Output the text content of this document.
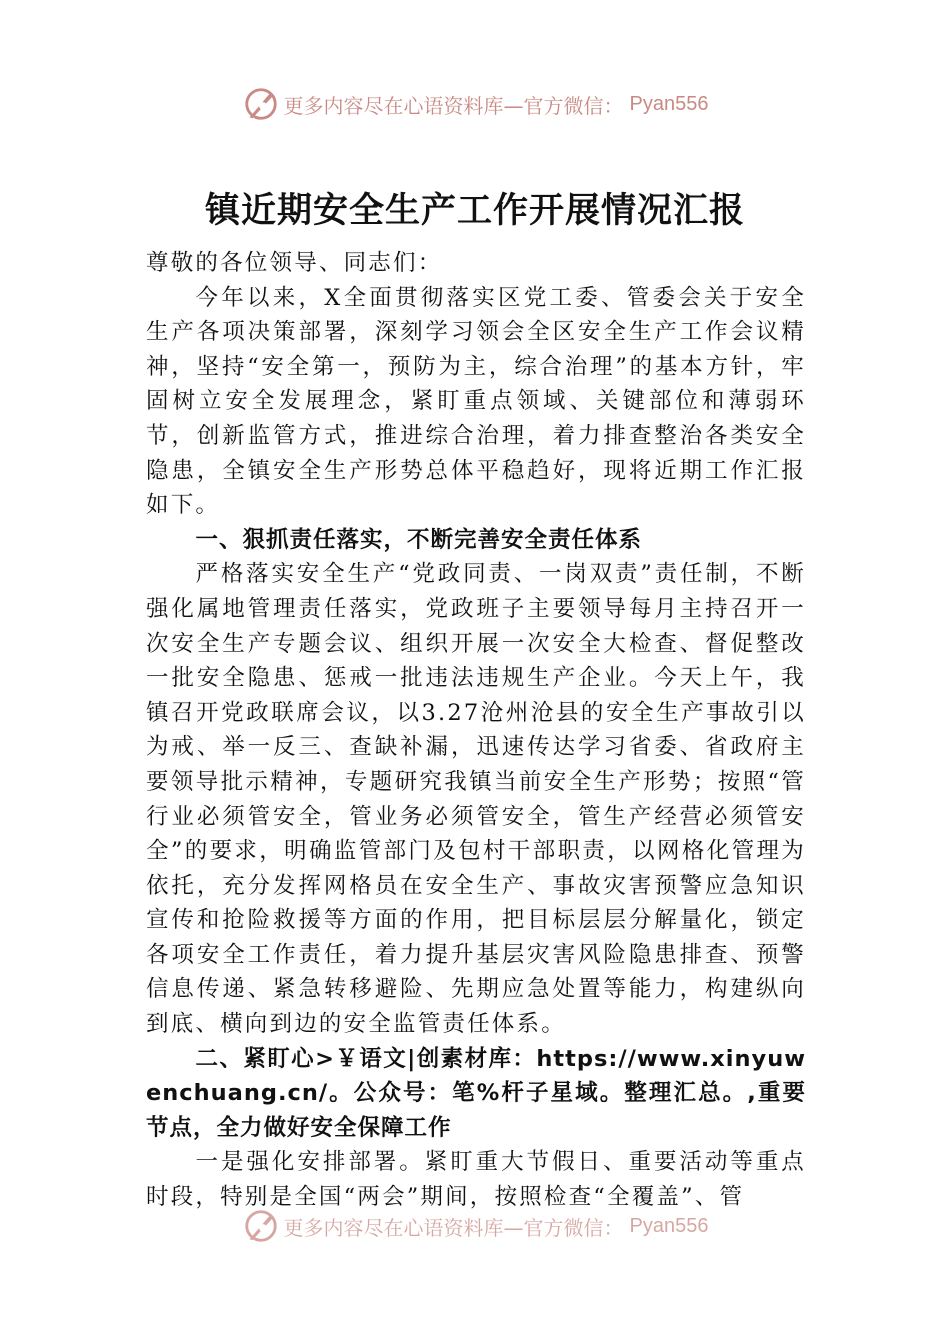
更多内容尽在心语资料库—官方微信： Pyan556
镇近期安全生产工作开展情况汇报

尊敬的各位领导、同志们：

今年以来，X全面贯彻落实区党工委、管委会关于安全生产各项决策部署，深刻学习领会全区安全生产工作会议精神，坚持“安全第一，预防为主，综合治理”的基本方针，牢固树立安全发展理念，紧盯重点领域、关键部位和薄弱环节，创新监管方式，推进综合治理，着力排查整治各类安全隐患，全镇安全生产形势总体平稳趋好，现将近期工作汇报如下。

一、狠抓责任落实，不断完善安全责任体系

严格落实安全生产“党政同责、一岗双责”责任制，不断强化属地管理责任落实，党政班子主要领导每月主持召开一次安全生产专题会议、组织开展一次安全大检查、督促整改一批安全隐患、惩戒一批违法违规生产企业。今天上午，我镇召开党政联席会议，以3.27沧州沧县的安全生产事故引以为戒、举一反三、查缺补漏，迅速传达学习省委、省政府主要领导批示精神，专题研究我镇当前安全生产形势；按照“管行业必须管安全，管业务必须管安全，管生产经营必须管安全”的要求，明确监管部门及包村干部职责，以网格化管理为依托，充分发挥网格员在安全生产、事故灾害预警应急知识宣传和抢险救援等方面的作用，把目标层层分解量化，锁定各项安全工作责任，着力提升基层灾害风险隐患排查、预警信息传递、紧急转移避险、先期应急处置等能力，构建纵向到底、横向到边的安全监管责任体系。

二、紧盯心>￥语文|创素材库：https://www.xinyuwenchuang.cn/。公众号：笔%杆子星域。整理汇总。,重要节点，全力做好安全保障工作

一是强化安排部署。紧盯重大节假日、重要活动等重点时段，特别是全国“两会”期间，按照检查“全覆盖”、管

更多内容尽在心语资料库—官方微信： Pyan556
